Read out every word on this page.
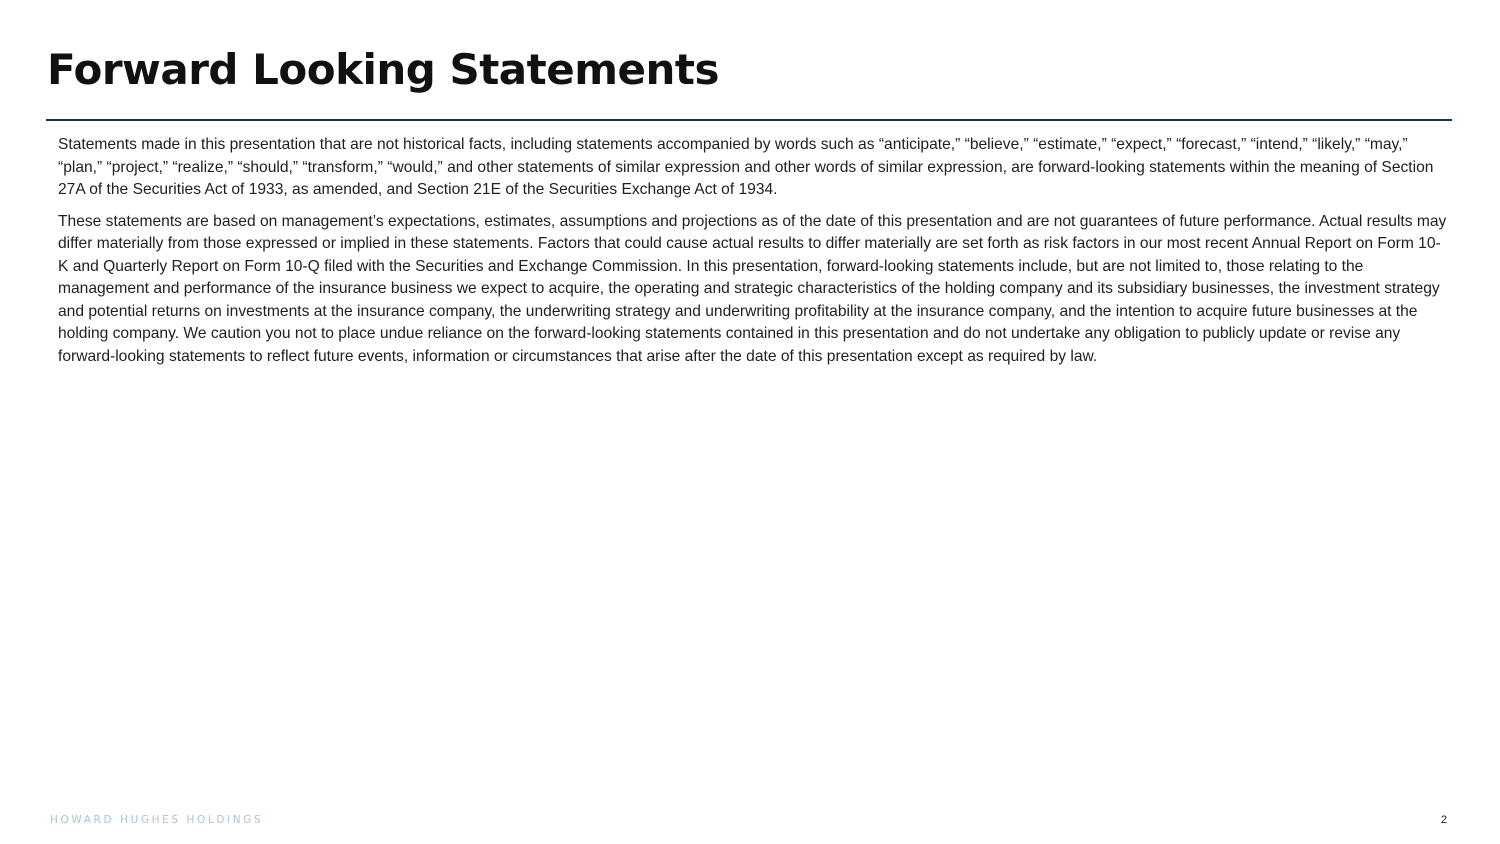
Forward Looking Statements

Statements made in this presentation that are not historical facts, including statements accompanied by words such as “anticipate,” “believe,” “estimate,” “expect,” “forecast,” “intend,” “likely,” “may,” “plan,” “project,” “realize,” “should,” “transform,” “would,” and other statements of similar expression and other words of similar expression, are forward-looking statements within the meaning of Section 27A of the Securities Act of 1933, as amended, and Section 21E of the Securities Exchange Act of 1934.

These statements are based on management’s expectations, estimates, assumptions and projections as of the date of this presentation and are not guarantees of future performance. Actual results may differ materially from those expressed or implied in these statements. Factors that could cause actual results to differ materially are set forth as risk factors in our most recent Annual Report on Form 10-K and Quarterly Report on Form 10-Q filed with the Securities and Exchange Commission. In this presentation, forward-looking statements include, but are not limited to, those relating to the management and performance of the insurance business we expect to acquire, the operating and strategic characteristics of the holding company and its subsidiary businesses, the investment strategy and potential returns on investments at the insurance company, the underwriting strategy and underwriting profitability at the insurance company, and the intention to acquire future businesses at the holding company. We caution you not to place undue reliance on the forward-looking statements contained in this presentation and do not undertake any obligation to publicly update or revise any forward-looking statements to reflect future events, information or circumstances that arise after the date of this presentation except as required by law.

HOWARD HUGHES HOLDINGS	2
